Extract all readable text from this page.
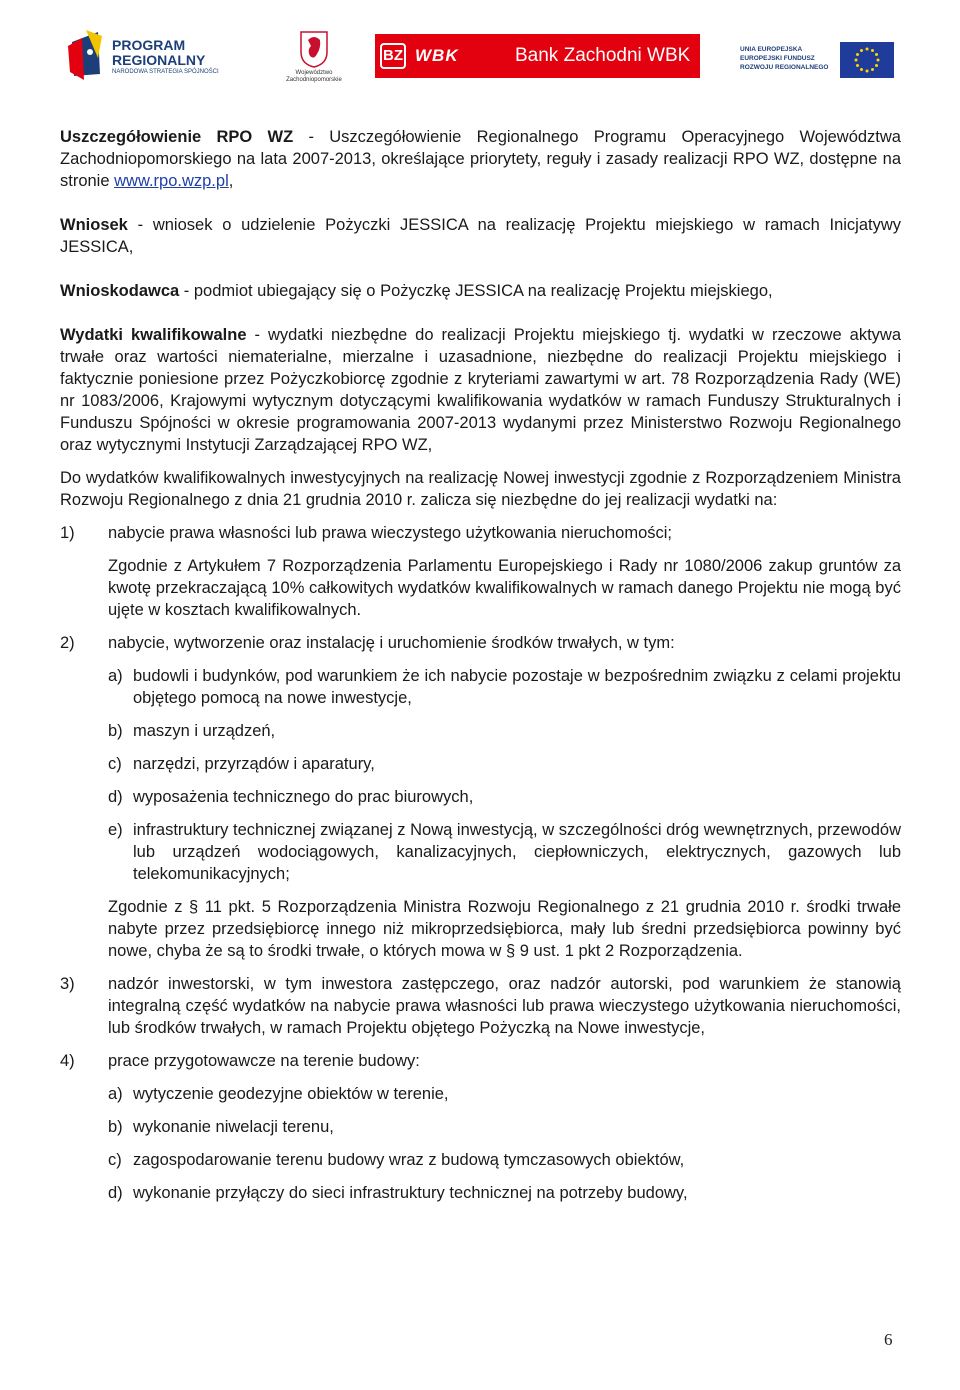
PROGRAM
REGIONALNY
NARODOWA STRATEGIA SPÓJNOŚCI	Województwo
Zachodniopomorskie
BZ WBK	Bank Zachodni WBK	UNIA EUROPEJSKA
EUROPEJSKI FUNDUSZ
ROZWOJU REGIONALNEGO

Uszczegółowienie RPO WZ - Uszczegółowienie Regionalnego Programu Operacyjnego Województwa Zachodniopomorskiego na lata 2007-2013, określające priorytety, reguły i zasady realizacji RPO WZ, dostępne na stronie www.rpo.wzp.pl,

Wniosek - wniosek o udzielenie Pożyczki JESSICA na realizację Projektu miejskiego w ramach Inicjatywy JESSICA,

Wnioskodawca - podmiot ubiegający się o Pożyczkę JESSICA na realizację Projektu miejskiego,

Wydatki kwalifikowalne - wydatki niezbędne do realizacji Projektu miejskiego tj. wydatki w rzeczowe aktywa trwałe oraz wartości niematerialne, mierzalne i uzasadnione, niezbędne do realizacji Projektu miejskiego i faktycznie poniesione przez Pożyczkobiorcę zgodnie z kryteriami zawartymi w art. 78 Rozporządzenia Rady (WE) nr 1083/2006, Krajowymi wytycznym dotyczącymi kwalifikowania wydatków w ramach Funduszy Strukturalnych i Funduszu Spójności w okresie programowania 2007-2013 wydanymi przez Ministerstwo Rozwoju Regionalnego oraz wytycznymi Instytucji Zarządzającej RPO WZ,

Do wydatków kwalifikowalnych inwestycyjnych na realizację Nowej inwestycji zgodnie z Rozporządzeniem Ministra Rozwoju Regionalnego z dnia 21 grudnia 2010 r. zalicza się niezbędne do jej realizacji wydatki na:

1)	nabycie prawa własności lub prawa wieczystego użytkowania nieruchomości;

Zgodnie z Artykułem 7 Rozporządzenia Parlamentu Europejskiego i Rady nr 1080/2006 zakup gruntów za kwotę przekraczającą 10% całkowitych wydatków kwalifikowalnych w ramach danego Projektu nie mogą być ujęte w kosztach kwalifikowalnych.

2)	nabycie, wytworzenie oraz instalację i uruchomienie środków trwałych, w tym:
a) budowli i budynków, pod warunkiem że ich nabycie pozostaje w bezpośrednim związku z celami projektu objętego pomocą na nowe inwestycje,
b) maszyn i urządzeń,
c) narzędzi, przyrządów i aparatury,
d) wyposażenia technicznego do prac biurowych,
e) infrastruktury technicznej związanej z Nową inwestycją, w szczególności dróg wewnętrznych, przewodów lub urządzeń wodociągowych, kanalizacyjnych, ciepłowniczych, elektrycznych, gazowych lub telekomunikacyjnych;

Zgodnie z § 11 pkt. 5 Rozporządzenia Ministra Rozwoju Regionalnego z 21 grudnia 2010 r. środki trwałe nabyte przez przedsiębiorcę innego niż mikroprzedsiębiorca, mały lub średni przedsiębiorca powinny być nowe, chyba że są to środki trwałe, o których mowa w § 9 ust. 1 pkt 2 Rozporządzenia.

3)	nadzór inwestorski, w tym inwestora zastępczego, oraz nadzór autorski, pod warunkiem że stanowią integralną część wydatków na nabycie prawa własności lub prawa wieczystego użytkowania nieruchomości, lub środków trwałych, w ramach Projektu objętego Pożyczką na Nowe inwestycje,
4)	prace przygotowawcze na terenie budowy:
a) wytyczenie geodezyjne obiektów w terenie,
b) wykonanie niwelacji terenu,
c) zagospodarowanie terenu budowy wraz z budową tymczasowych obiektów,
d) wykonanie przyłączy do sieci infrastruktury technicznej na potrzeby budowy,
6
